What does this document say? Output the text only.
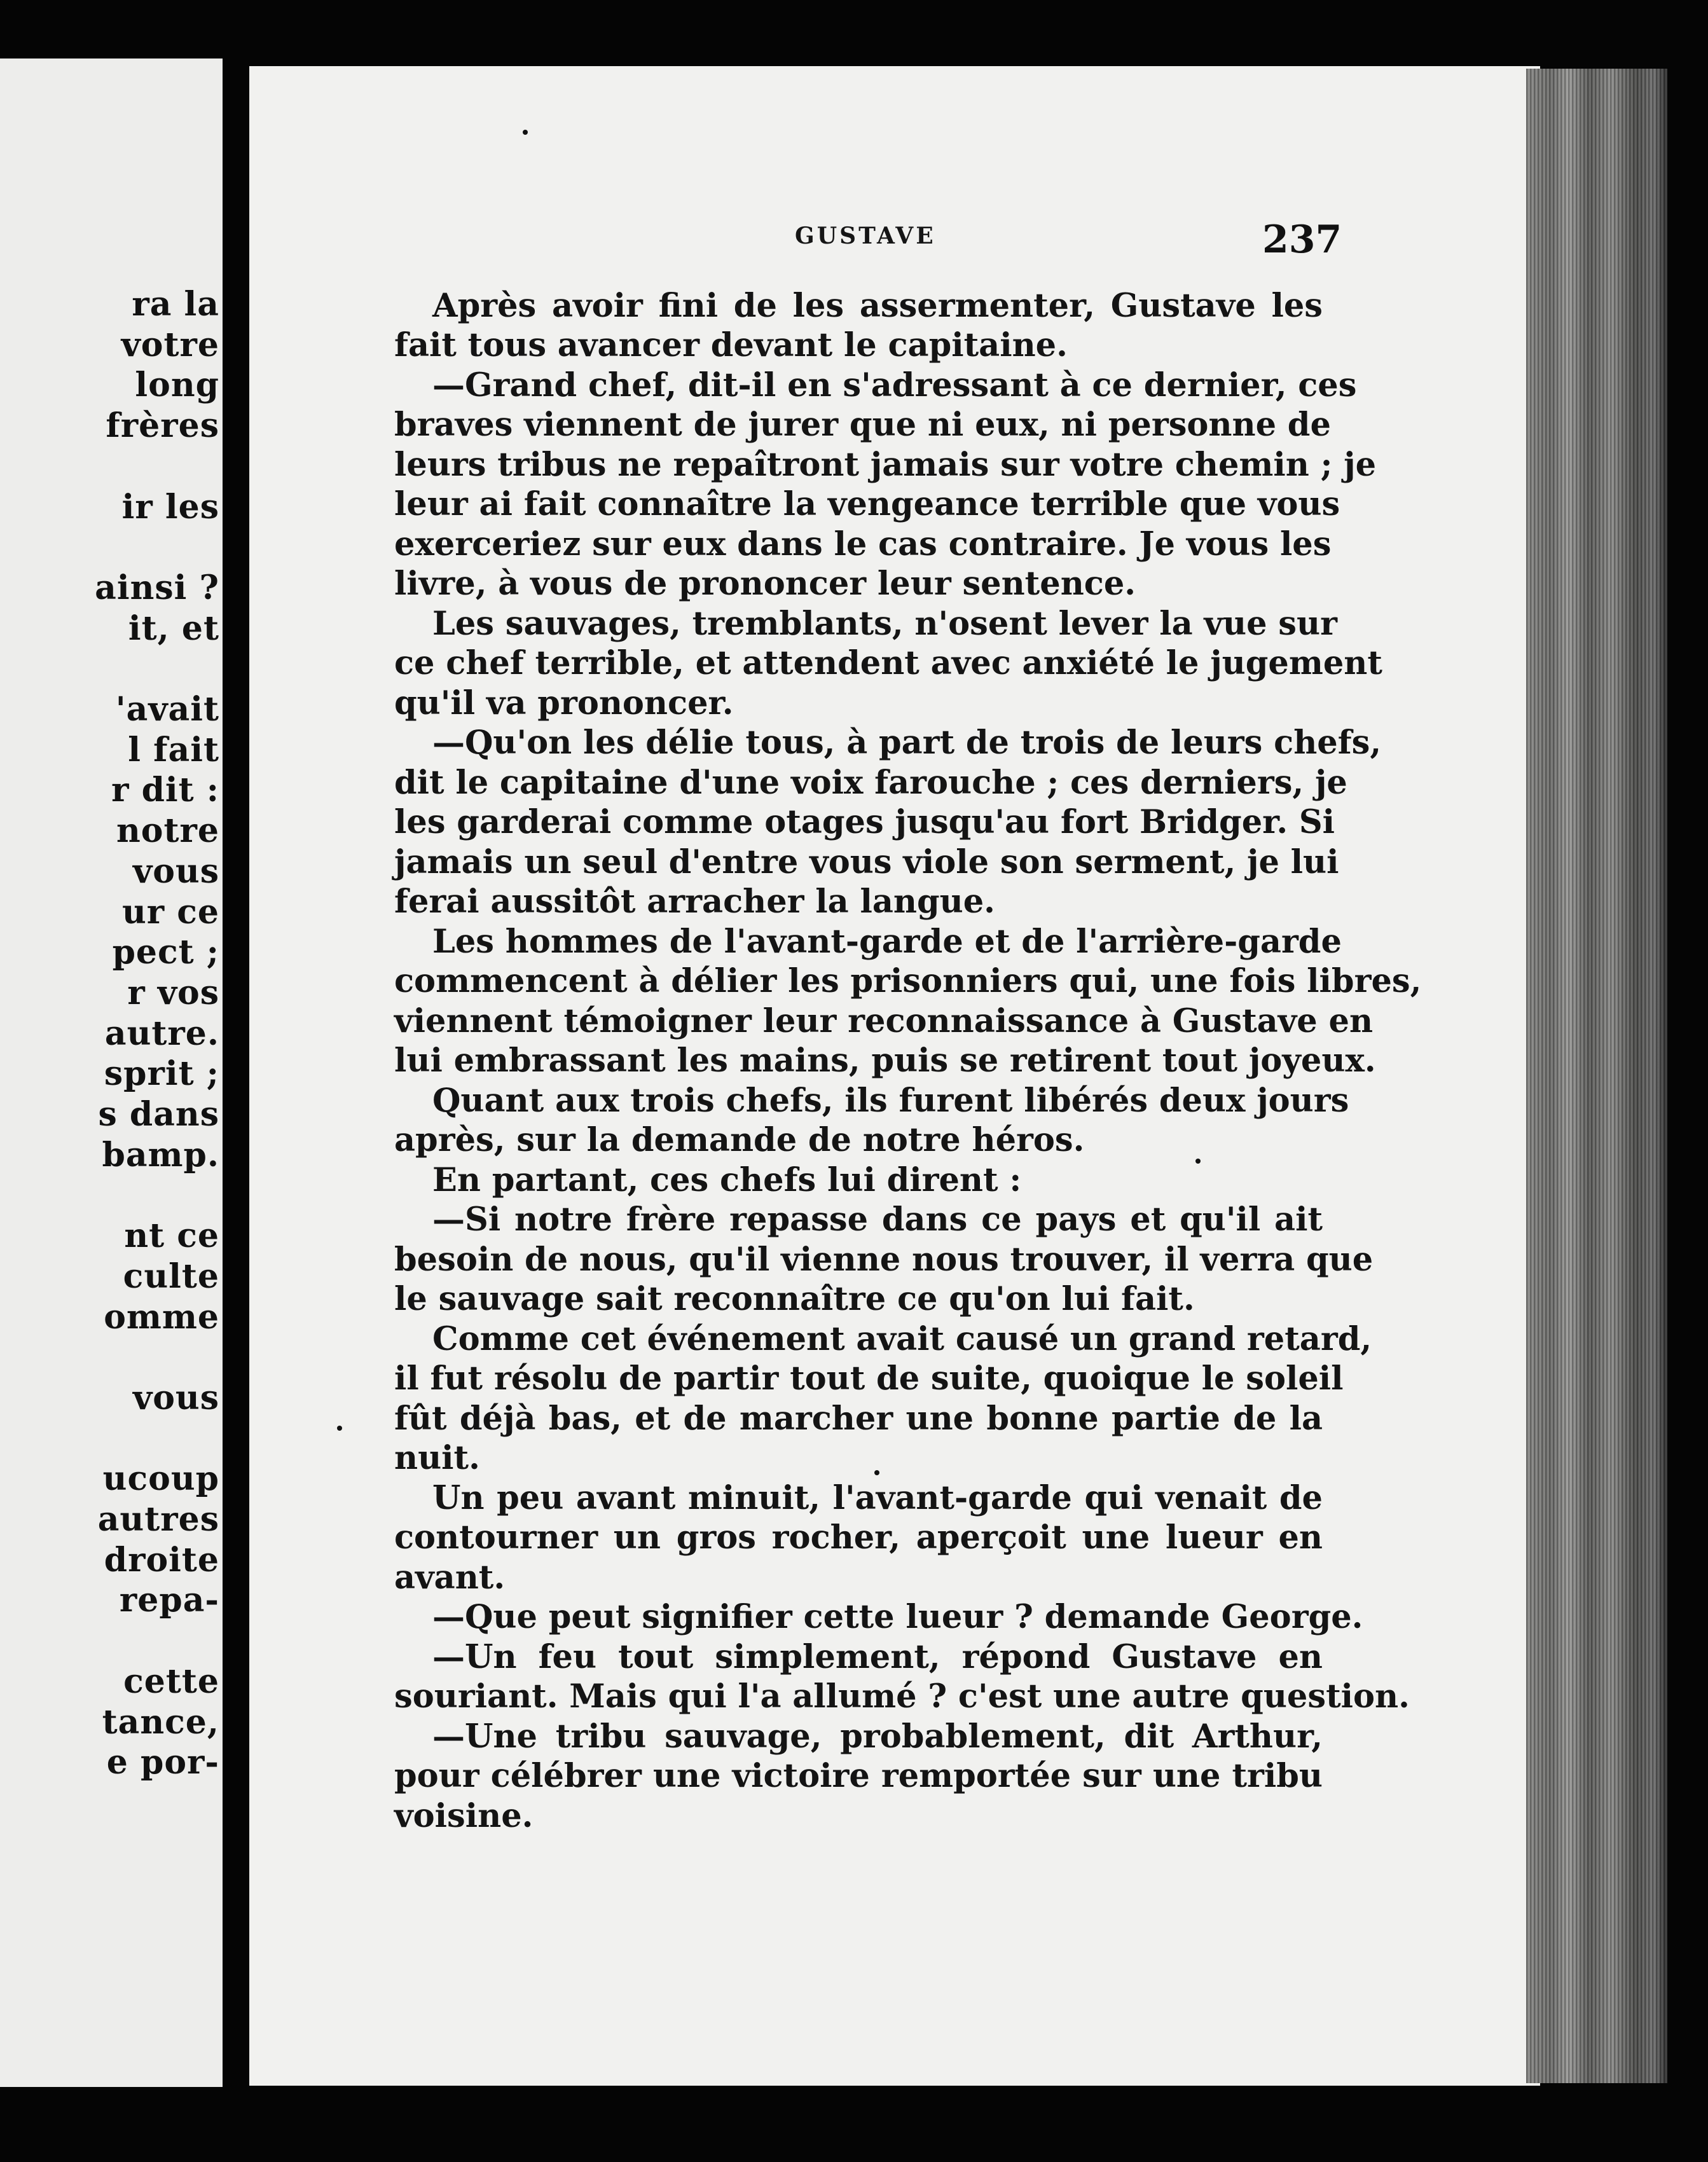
ra la
votre
long
frères
ir les
ainsi ?
it, et
'avait
l fait
r dit :
notre
vous
ur ce
pect ;
r vos
autre.
sprit ;
s dans
bamp.
nt ce
culte
omme
vous
ucoup
autres
droite
repa-
cette
tance,
e por-
GUSTAVE	237
Après avoir fini de les assermenter, Gustave les
fait tous avancer devant le capitaine.
—Grand chef, dit-il en s'adressant à ce dernier, ces
braves viennent de jurer que ni eux, ni personne de
leurs tribus ne repaîtront jamais sur votre chemin ; je
leur ai fait connaître la vengeance terrible que vous
exerceriez sur eux dans le cas contraire. Je vous les
livre, à vous de prononcer leur sentence.
Les sauvages, tremblants, n'osent lever la vue sur
ce chef terrible, et attendent avec anxiété le jugement
qu'il va prononcer.
—Qu'on les délie tous, à part de trois de leurs chefs,
dit le capitaine d'une voix farouche ; ces derniers, je
les garderai comme otages jusqu'au fort Bridger. Si
jamais un seul d'entre vous viole son serment, je lui
ferai aussitôt arracher la langue.
Les hommes de l'avant-garde et de l'arrière-garde
commencent à délier les prisonniers qui, une fois libres,
viennent témoigner leur reconnaissance à Gustave en
lui embrassant les mains, puis se retirent tout joyeux.
Quant aux trois chefs, ils furent libérés deux jours
après, sur la demande de notre héros.
En partant, ces chefs lui dirent :
—Si notre frère repasse dans ce pays et qu'il ait
besoin de nous, qu'il vienne nous trouver, il verra que
le sauvage sait reconnaître ce qu'on lui fait.
Comme cet événement avait causé un grand retard,
il fut résolu de partir tout de suite, quoique le soleil
fût déjà bas, et de marcher une bonne partie de la
nuit.
Un peu avant minuit, l'avant-garde qui venait de
contourner un gros rocher, aperçoit une lueur en
avant.
—Que peut signifier cette lueur ? demande George.
—Un feu tout simplement, répond Gustave en
souriant. Mais qui l'a allumé ? c'est une autre question.
—Une tribu sauvage, probablement, dit Arthur,
pour célébrer une victoire remportée sur une tribu
voisine.
